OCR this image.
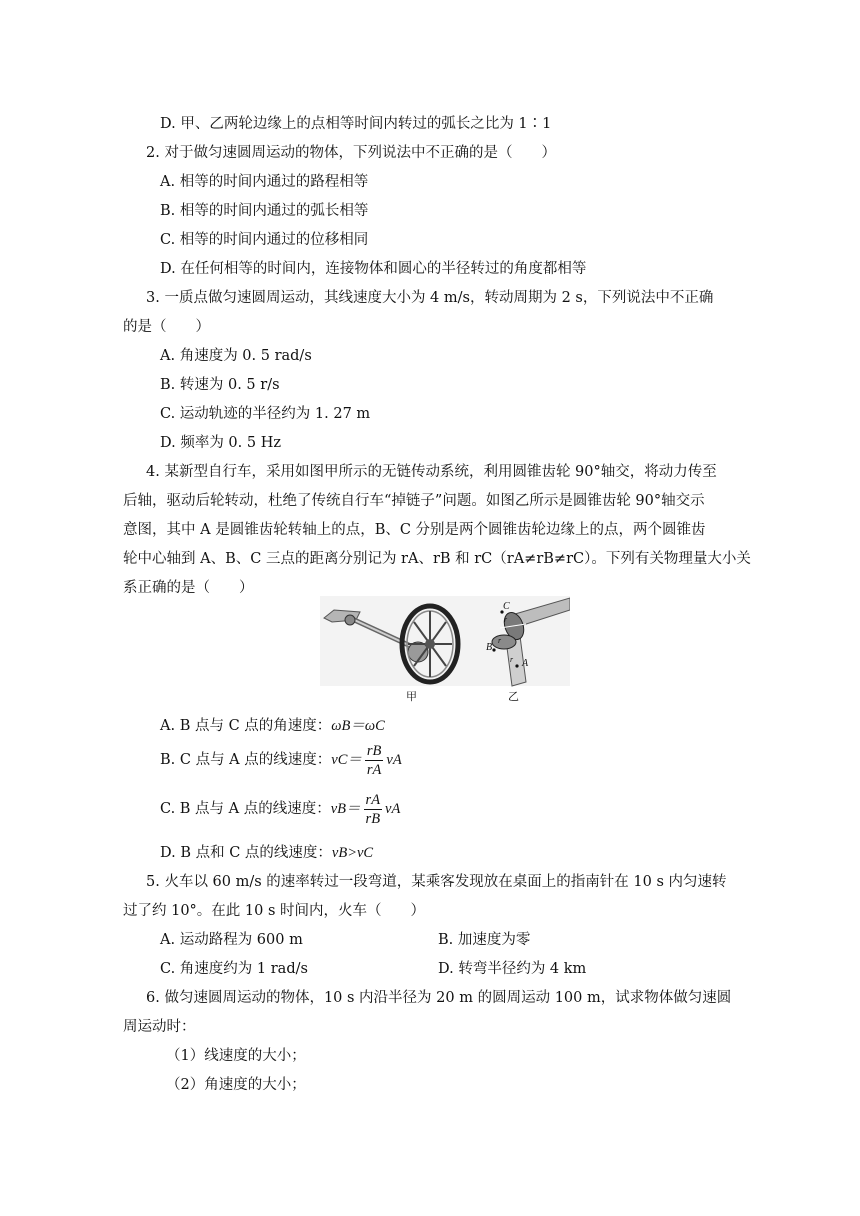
D. 甲、乙两轮边缘上的点相等时间内转过的弧长之比为 1∶1
2. 对于做匀速圆周运动的物体，下列说法中不正确的是（　　）
A. 相等的时间内通过的路程相等
B. 相等的时间内通过的弧长相等
C. 相等的时间内通过的位移相同
D. 在任何相等的时间内，连接物体和圆心的半径转过的角度都相等
3. 一质点做匀速圆周运动，其线速度大小为 4 m/s，转动周期为 2 s，下列说法中不正确
的是（　　）
A. 角速度为 0. 5 rad/s
B. 转速为 0. 5 r/s
C. 运动轨迹的半径约为 1. 27 m
D. 频率为 0. 5 Hz
4. 某新型自行车，采用如图甲所示的无链传动系统，利用圆锥齿轮 90°轴交，将动力传至
后轴，驱动后轮转动，杜绝了传统自行车“掉链子”问题。如图乙所示是圆锥齿轮 90°轴交示
意图，其中 A 是圆锥齿轮转轴上的点，B、C 分别是两个圆锥齿轮边缘上的点，两个圆锥齿
轮中心轴到 A、B、C 三点的距离分别记为 rA、rB 和 rC（rA≠rB≠rC）。下列有关物理量大小关
系正确的是（　　）
C
B
A
r
r
r
甲	乙
A. B 点与 C 点的角速度：ωB＝ωC
B. C 点与 A 点的线速度：$vC= \frac{rB}{rA}$ vA
C. B 点与 A 点的线速度：$vB= \frac{rA}{rB}$ vA
D. B 点和 C 点的线速度：vB>vC
5. 火车以 60 m/s 的速率转过一段弯道，某乘客发现放在桌面上的指南针在 10 s 内匀速转
过了约 10°。在此 10 s 时间内，火车（　　）
A. 运动路程为 600 m	B. 加速度为零
C. 角速度约为 1 rad/s	D. 转弯半径约为 4 km
6. 做匀速圆周运动的物体，10 s 内沿半径为 20 m 的圆周运动 100 m，试求物体做匀速圆
周运动时：
（1）线速度的大小；
（2）角速度的大小；
